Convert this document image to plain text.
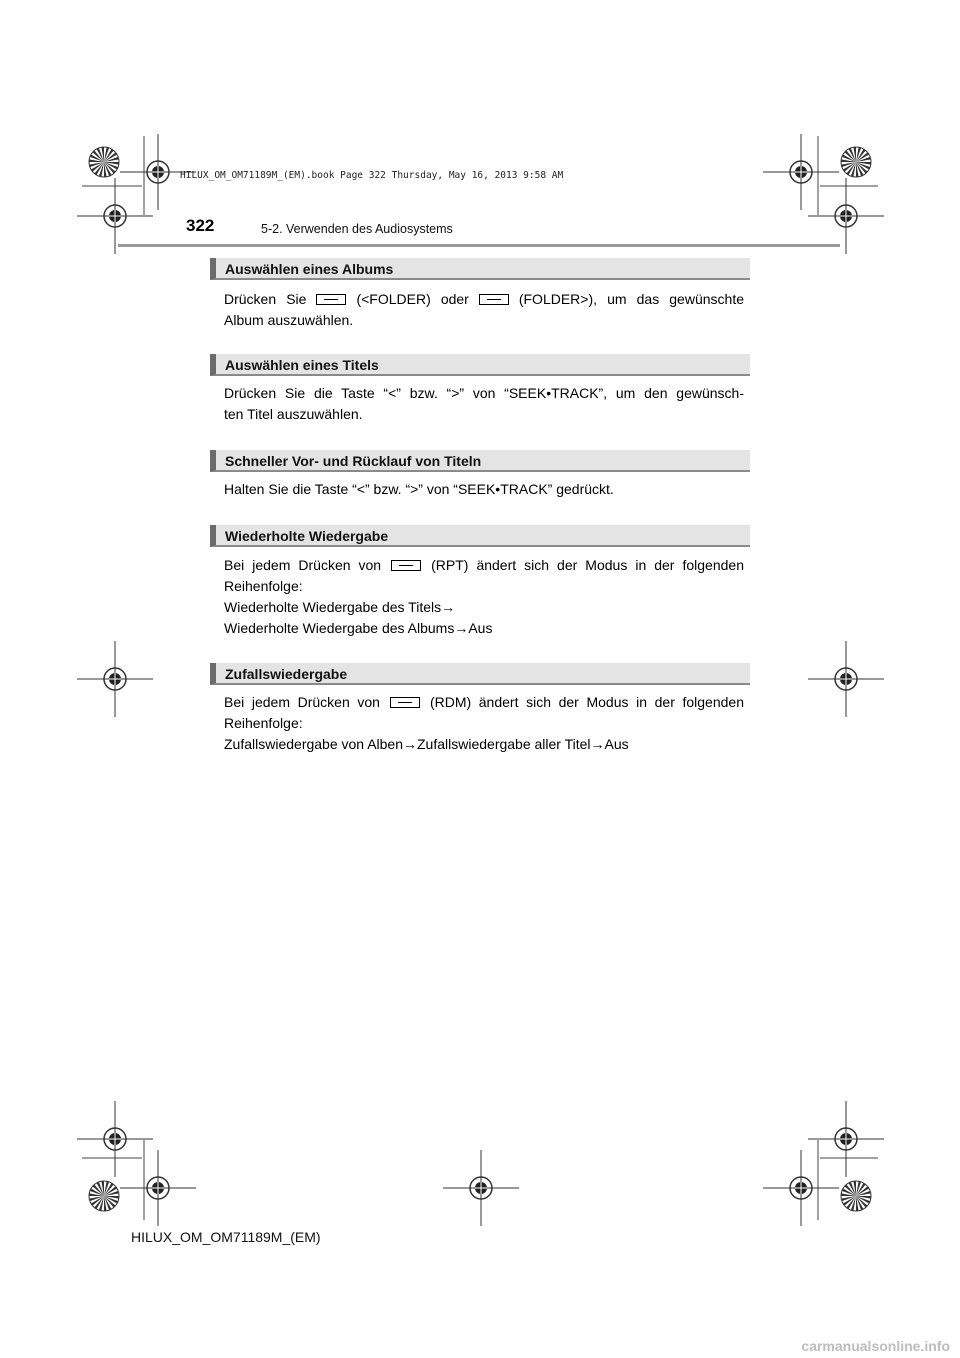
HILUX_OM_OM71189M_(EM).book Page 322 Thursday, May 16, 2013 9:58 AM
322	5-2. Verwenden des Audiosystems
Auswählen eines Albums
Drücken Sie	(<FOLDER) oder	(FOLDER>), um das gewünschte
Album auszuwählen.
Auswählen eines Titels
Drücken Sie die Taste “<” bzw. “>” von “SEEK•TRACK”, um den gewünsch-
ten Titel auszuwählen.
Schneller Vor- und Rücklauf von Titeln
Halten Sie die Taste “<” bzw. “>” von “SEEK•TRACK” gedrückt.
Wiederholte Wiedergabe
Bei jedem Drücken von	(RPT) ändert sich der Modus in der folgenden
Reihenfolge:
Wiederholte Wiedergabe des Titels→
Wiederholte Wiedergabe des Albums→Aus
Zufallswiedergabe
Bei jedem Drücken von	(RDM) ändert sich der Modus in der folgenden
Reihenfolge:
Zufallswiedergabe von Alben→Zufallswiedergabe aller Titel→Aus
HILUX_OM_OM71189M_(EM)
carmanualsonline.info
